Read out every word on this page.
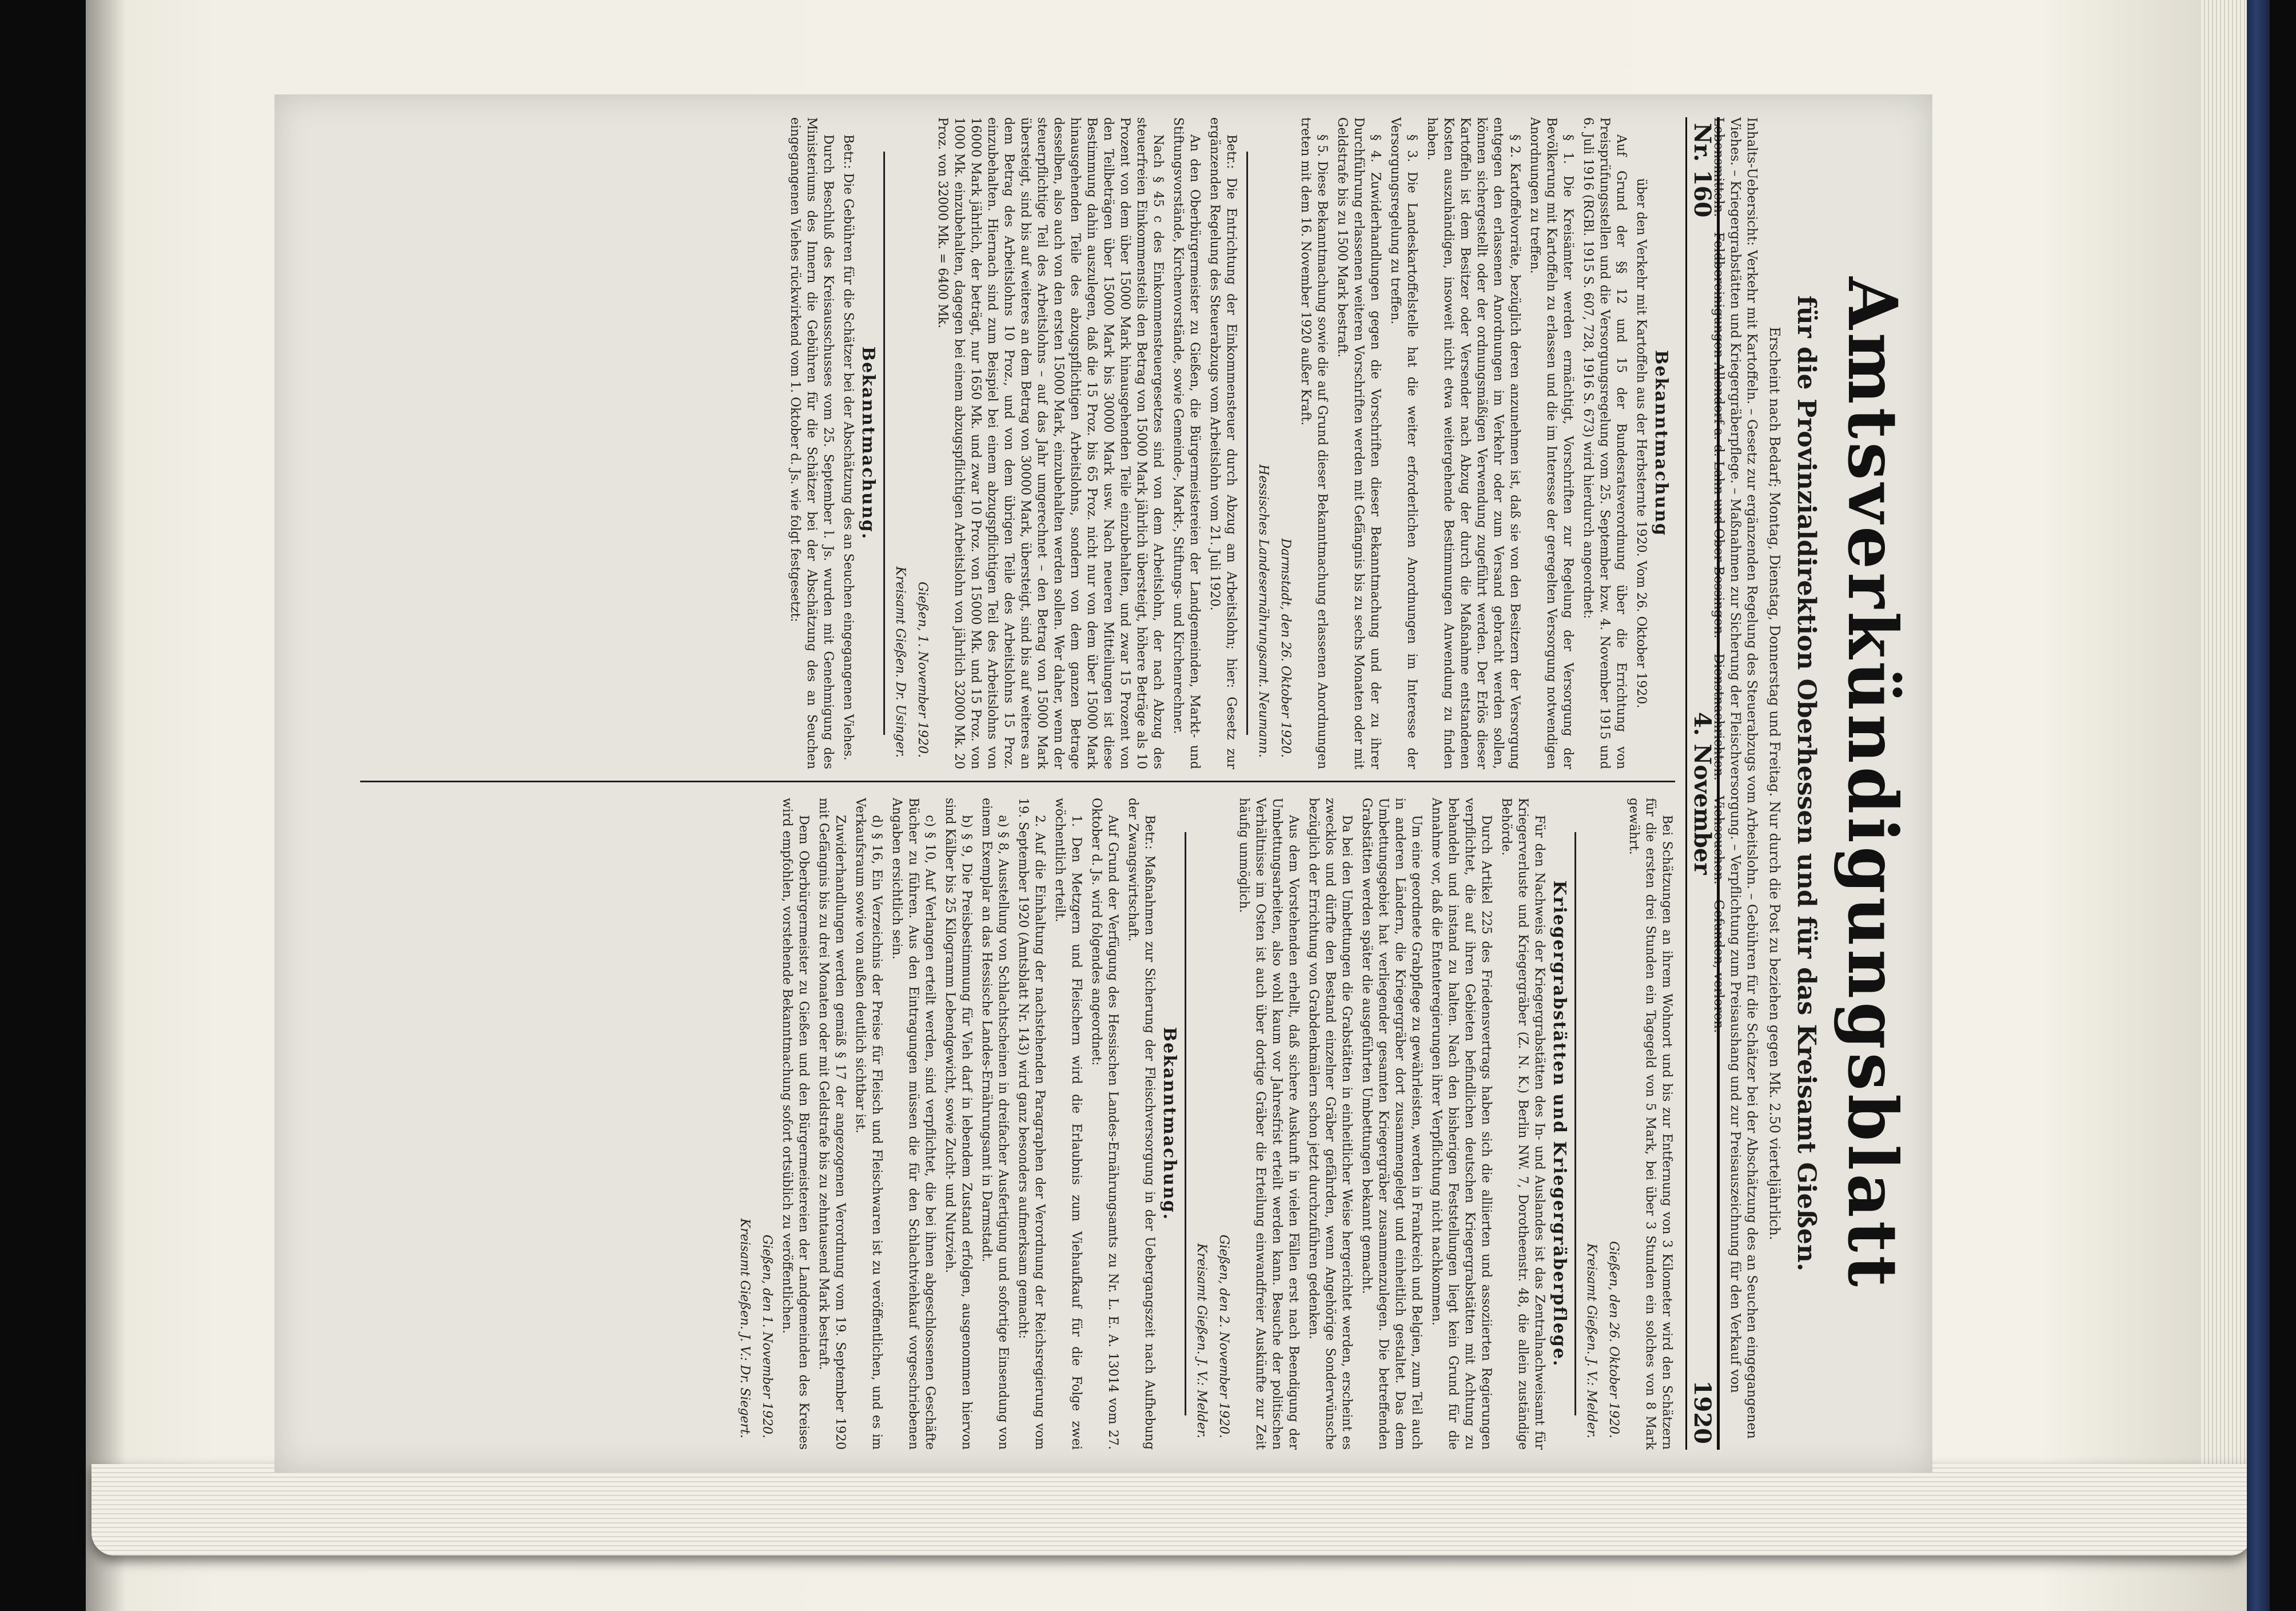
Amtsverkündigungsblatt
für die Provinzialdirektion Oberhessen und für das Kreisamt Gießen.
Erscheint nach Bedarf; Montag, Dienstag, Donnerstag und Freitag. Nur durch die Post zu beziehen gegen Mk. 2.50 vierteljährlich.
Inhalts-Uebersicht: Verkehr mit Kartoffeln. – Gesetz zur ergänzenden Regelung des Steuerabzugs vom Arbeitslohn. – Gebühren für die Schätzer bei der Abschätzung des an Seuchen eingegangenen Viehes. – Kriegergrabstätten und Kriegergräberpflege. – Maßnahmen zur Sicherung der Fleischversorgung. – Verpflichtung zum Preisaushang und zur Preisauszeichnung für den Verkauf von Lebensmitteln. – Feldbereinigungen Allendorf a. d. Lahn und Ober-Bessingen. – Dienstnachrichten. – Viehseuchen. – Gefunden, verloren.
Nr. 160
4. November
1920
Bekanntmachung
über den Verkehr mit Kartoffeln aus der Herbsternte 1920. Vom 26. Oktober 1920.
Auf Grund der §§ 12 und 15 der Bundesratsverordnung über die Errichtung von Preisprüfungsstellen und die Versorgungsregelung vom 25. September bzw. 4. November 1915 und 6. Juli 1916 (RGBl. 1915 S. 607, 728, 1916 S. 673) wird hierdurch angeordnet:
§ 1. Die Kreisämter werden ermächtigt, Vorschriften zur Regelung der Versorgung der Bevölkerung mit Kartoffeln zu erlassen und die im Interesse der geregelten Versorgung notwendigen Anordnungen zu treffen.
§ 2. Kartoffelvorräte, bezüglich deren anzunehmen ist, daß sie von den Besitzern der Versorgung entgegen den erlassenen Anordnungen im Verkehr oder zum Versand gebracht werden sollen, können sichergestellt oder der ordnungsmäßigen Verwendung zugeführt werden. Der Erlös dieser Kartoffeln ist dem Besitzer oder Versender nach Abzug der durch die Maßnahme entstandenen Kosten auszuhändigen, insoweit nicht etwa weitergehende Bestimmungen Anwendung zu finden haben.
§ 3. Die Landeskartoffelstelle hat die weiter erforderlichen Anordnungen im Interesse der Versorgungsregelung zu treffen.
§ 4. Zuwiderhandlungen gegen die Vorschriften dieser Bekanntmachung und der zu ihrer Durchführung erlassenen weiteren Vorschriften werden mit Gefängnis bis zu sechs Monaten oder mit Geldstrafe bis zu 1500 Mark bestraft.
§ 5. Diese Bekanntmachung sowie die auf Grund dieser Bekanntmachung erlassenen Anordnungen treten mit dem 16. November 1920 außer Kraft.
Darmstadt, den 26. Oktober 1920.
Hessisches Landesernährungsamt. Neumann.
Betr.: Die Entrichtung der Einkommensteuer durch Abzug am Arbeitslohn; hier: Gesetz zur ergänzenden Regelung des Steuerabzugs vom Arbeitslohn vom 21. Juli 1920.
An den Oberbürgermeister zu Gießen, die Bürgermeistereien der Landgemeinden, Markt- und Stiftungsvorstände, Kirchenvorstände, sowie Gemeinde-, Markt-, Stiftungs- und Kirchenrechner.
Nach § 45 c des Einkommensteuergesetzes sind von dem Arbeitslohn, der nach Abzug des steuerfreien Einkommensteils den Betrag von 15000 Mark jährlich übersteigt, höhere Beträge als 10 Prozent von dem über 15000 Mark hinausgehenden Teile einzubehalten, und zwar 15 Prozent von den Teilbeträgen über 15000 Mark bis 30000 Mark usw. Nach neueren Mitteilungen ist diese Bestimmung dahin auszulegen, daß die 15 Proz. bis 65 Proz. nicht nur von dem über 15000 Mark hinausgehenden Teile des abzugspflichtigen Arbeitslohns, sondern von dem ganzen Betrage desselben, also auch von den ersten 15000 Mark, einzubehalten werden sollen. Wer daher, wenn der steuerpflichtige Teil des Arbeitslohns – auf das Jahr umgerechnet – den Betrag von 15000 Mark übersteigt, sind bis auf weiteres an dem Betrag von 30000 Mark, übersteigt, sind bis auf weiteres an dem Betrag des Arbeitslohns 10 Proz., und von dem übrigen Teile des Arbeitslohns 15 Proz. einzubehalten. Hiernach sind zum Beispiel bei einem abzugspflichtigen Teil des Arbeitslohns von 16000 Mark jährlich, der beträgt, nur 1650 Mk. und zwar 10 Proz. von 15000 Mk. und 15 Proz. von 1000 Mk. einzubehalten, dagegen bei einem abzugspflichtigen Arbeitslohn von jährlich 32000 Mk. 20 Proz. von 32000 Mk. = 6400 Mk.
Gießen, 1. November 1920.
Kreisamt Gießen. Dr. Usinger.
Bekanntmachung.
Betr.: Die Gebühren für die Schätzer bei der Abschätzung des an Seuchen eingegangenen Viehes.
Durch Beschluß des Kreisausschusses vom 25. September l. Js. wurden mit Genehmigung des Ministeriums des Innern die Gebühren für die Schätzer bei der Abschätzung des an Seuchen eingegangenen Viehes rückwirkend vom 1. Oktober d. Js. wie folgt festgesetzt:
Bei Schätzungen an ihrem Wohnort und bis zur Entfernung von 3 Kilometer wird den Schätzern für die ersten drei Stunden ein Tagegeld von 5 Mark, bei über 3 Stunden ein solches von 8 Mark gewährt.
Gießen, den 26. Oktober 1920.
Kreisamt Gießen. J. V.: Melder.
Kriegergrabstätten und Kriegergräberpflege.
Für den Nachweis der Kriegergrabstätten des In- und Auslandes ist das Zentralnachweisamt für Kriegerverluste und Kriegergräber (Z. N. K.) Berlin NW. 7, Dorotheenstr. 48, die allein zuständige Behörde.
Durch Artikel 225 des Friedensvertrags haben sich die alliierten und assoziierten Regierungen verpflichtet, die auf ihren Gebieten befindlichen deutschen Kriegergrabstätten mit Achtung zu behandeln und instand zu halten. Nach den bisherigen Feststellungen liegt kein Grund für die Annahme vor, daß die Ententeregierungen ihrer Verpflichtung nicht nachkommen.
Um eine geordnete Grabpflege zu gewährleisten, werden in Frankreich und Belgien, zum Teil auch in anderen Ländern, die Kriegergräber dort zusammengelegt und einheitlich gestaltet. Das dem Umbettungsgebiet hat verliegender gesamten Kriegergräber zusammenzulegen. Die betreffenden Grabstätten werden später die ausgeführten Umbettungen bekannt gemacht.
Da bei den Umbettungen die Grabstätten in einheitlicher Weise hergerichtet werden, erscheint es zwecklos und dürfte den Bestand einzelner Gräber gefährden, wenn Angehörige Sonderwünsche bezüglich der Errichtung von Grabdenkmälern schon jetzt durchzuführen gedenken.
Aus dem Vorstehenden erhellt, daß sichere Auskunft in vielen Fällen erst nach Beendigung der Umbettungsarbeiten, also wohl kaum vor Jahresfrist erteilt werden kann. Besuche der politischen Verhältnisse im Osten ist auch über dortige Gräber die Erteilung einwandfreier Auskünfte zur Zeit häufig unmöglich.
Gießen, den 2. November 1920.
Kreisamt Gießen. J. V.: Melder.
Bekanntmachung.
Betr.: Maßnahmen zur Sicherung der Fleischversorgung in der Uebergangszeit nach Aufhebung der Zwangswirtschaft.
Auf Grund der Verfügung des Hessischen Landes-Ernährungsamts zu Nr. L. E. A. 13014 vom 27. Oktober d. Js. wird folgendes angeordnet:
1. Den Metzgern und Fleischern wird die Erlaubnis zum Viehaufkauf für die Folge zwei wöchentlich erteilt.
2. Auf die Einhaltung der nachstehenden Paragraphen der Verordnung der Reichsregierung vom 19. September 1920 (Amtsblatt Nr. 143) wird ganz besonders aufmerksam gemacht:
a) § 8, Ausstellung von Schlachtscheinen in dreifacher Ausfertigung und sofortige Einsendung von einem Exemplar an das Hessische Landes-Ernährungsamt in Darmstadt.
b) § 9, Die Preisbestimmung für Vieh darf in lebendem Zustand erfolgen, ausgenommen hiervon sind Kälber bis 25 Kilogramm Lebendgewicht, sowie Zucht- und Nutzvieh.
c) § 10, Auf Verlangen erteilt werden, sind verpflichtet, die bei ihnen abgeschlossenen Geschäfte Bücher zu führen. Aus den Eintragungen müssen die für den Schlachtviehkauf vorgeschriebenen Angaben ersichtlich sein.
d) § 16, Ein Verzeichnis der Preise für Fleisch und Fleischwaren ist zu veröffentlichen, und es im Verkaufsraum sowie von außen deutlich sichtbar ist.
Zuwiderhandlungen werden gemäß § 17 der angezogenen Verordnung vom 19. September 1920 mit Gefängnis bis zu drei Monaten oder mit Geldstrafe bis zu zehntausend Mark bestraft.
Dem Oberbürgermeister zu Gießen und den Bürgermeistereien der Landgemeinden des Kreises wird empfohlen, vorstehende Bekanntmachung sofort ortsüblich zu veröffentlichen.
Gießen, den 1. November 1920.
Kreisamt Gießen. J. V.: Dr. Siegert.
